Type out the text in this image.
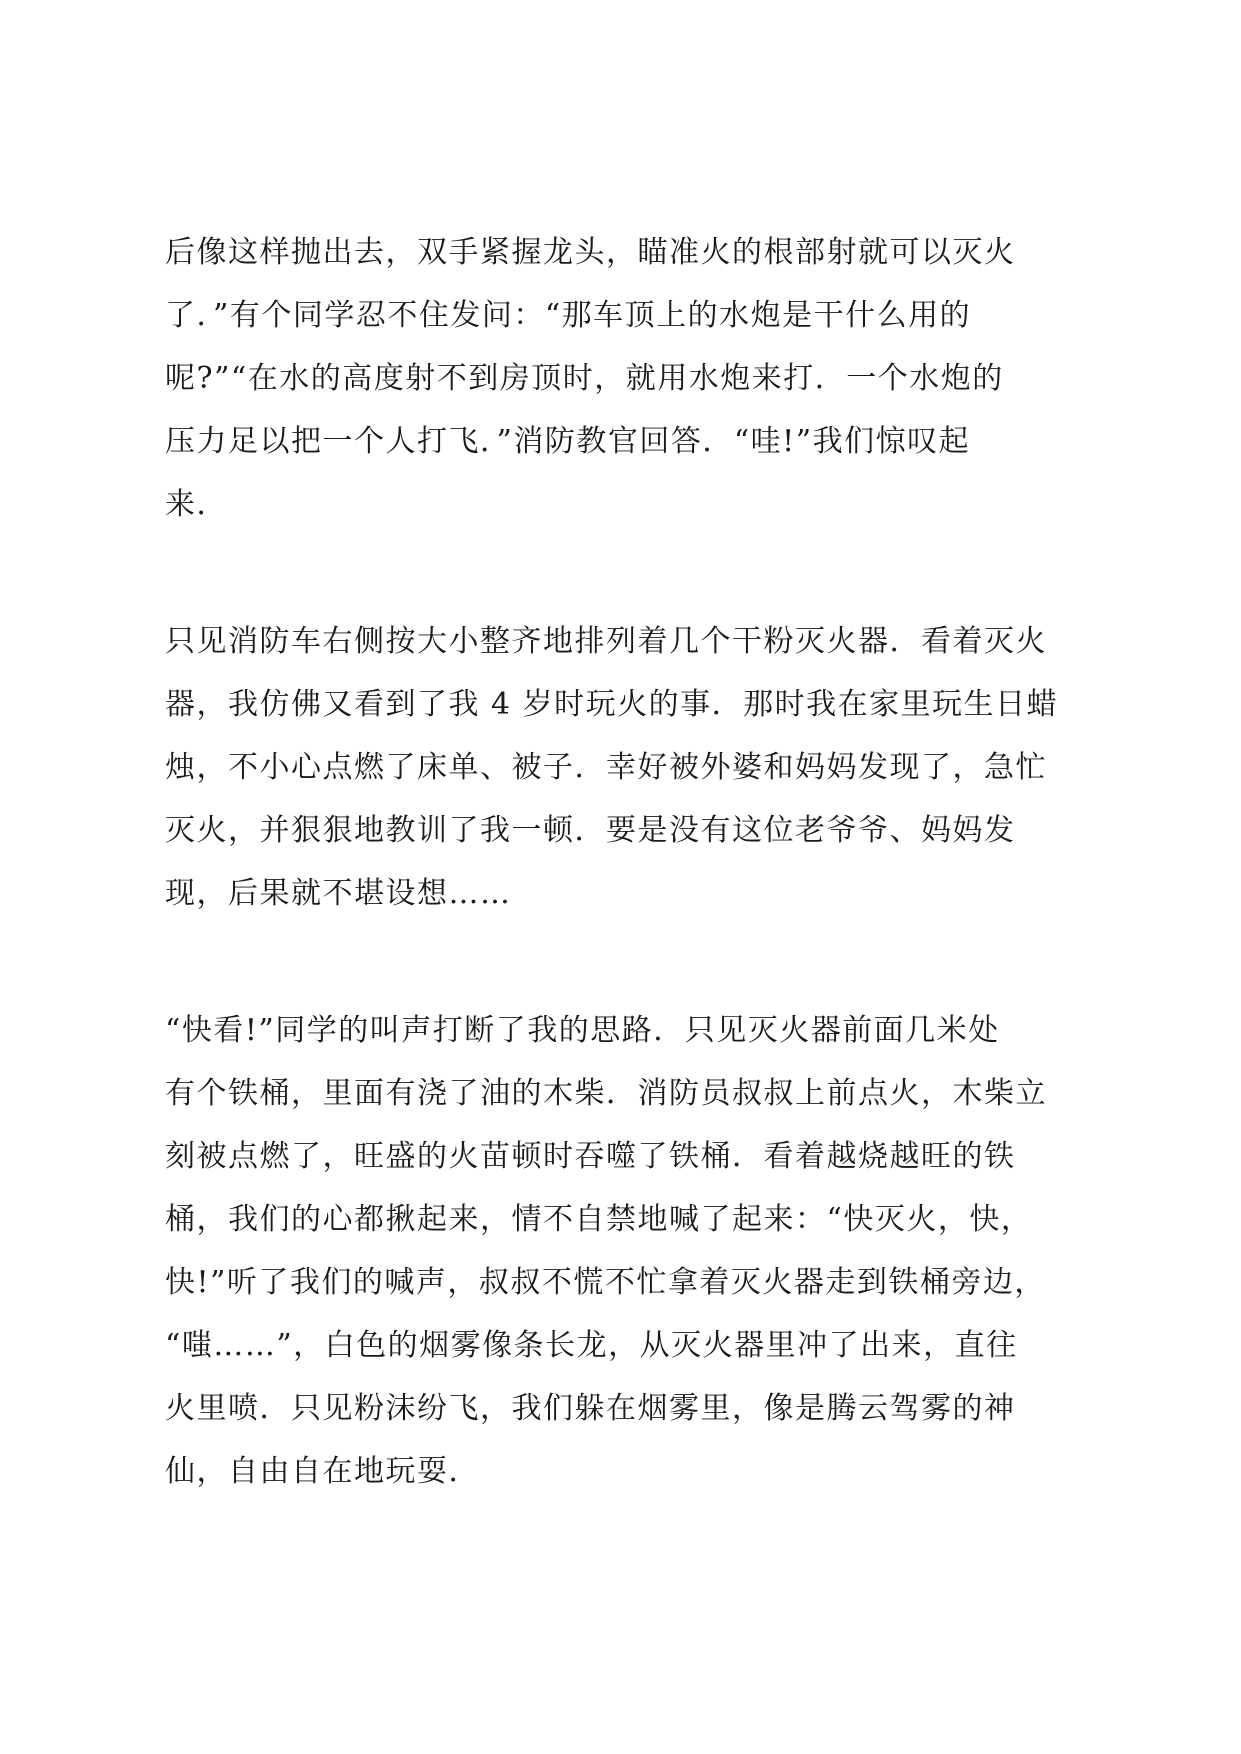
后像这样抛出去，双手紧握龙头，瞄准火的根部射就可以灭火
了．”有个同学忍不住发问：“那车顶上的水炮是干什么用的
呢?”“在水的高度射不到房顶时，就用水炮来打．一个水炮的
压力足以把一个人打飞．”消防教官回答．“哇!”我们惊叹起
来．
只见消防车右侧按大小整齐地排列着几个干粉灭火器．看着灭火
器，我仿佛又看到了我 4 岁时玩火的事．那时我在家里玩生日蜡
烛，不小心点燃了床单、被子．幸好被外婆和妈妈发现了，急忙
灭火，并狠狠地教训了我一顿．要是没有这位老爷爷、妈妈发
现，后果就不堪设想……
“快看!”同学的叫声打断了我的思路．只见灭火器前面几米处
有个铁桶，里面有浇了油的木柴．消防员叔叔上前点火，木柴立
刻被点燃了，旺盛的火苗顿时吞噬了铁桶．看着越烧越旺的铁
桶，我们的心都揪起来，情不自禁地喊了起来：“快灭火，快，
快!”听了我们的喊声，叔叔不慌不忙拿着灭火器走到铁桶旁边，
“嗤……”，白色的烟雾像条长龙，从灭火器里冲了出来，直往
火里喷．只见粉沫纷飞，我们躲在烟雾里，像是腾云驾雾的神
仙，自由自在地玩耍．
